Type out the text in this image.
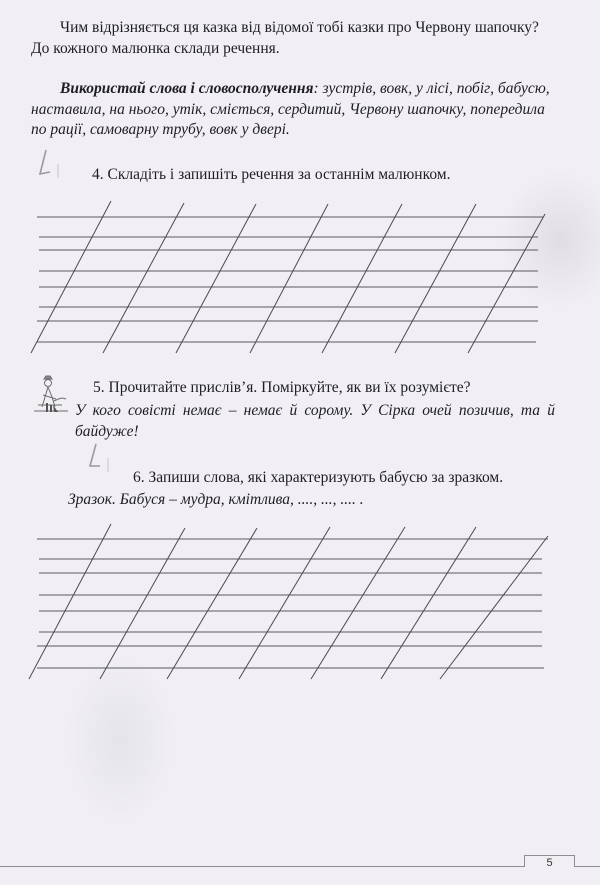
Чим відрізняється ця казка від відомої тобі казки про Червону шапочку?
До кожного малюнка склади речення.
Використай слова і словосполучення: зустрів, вовк, у лісі, побіг, бабусю, наставила, на нього, утік, сміється, сердитий, Червону шапочку, попередила по рації, самоварну трубу, вовк у двері.
4. Складіть і запишіть речення за останнім малюнком.
5. Прочитайте прислів’я. Поміркуйте, як ви їх розумієте?
У кого совісті немає – немає й сорому. У Сірка очей позичив, та й байдуже!
6. Запиши слова, які характеризують бабусю за зразком.
Зразок. Бабуся – мудра, кмітлива, ...., ..., .... .
5
